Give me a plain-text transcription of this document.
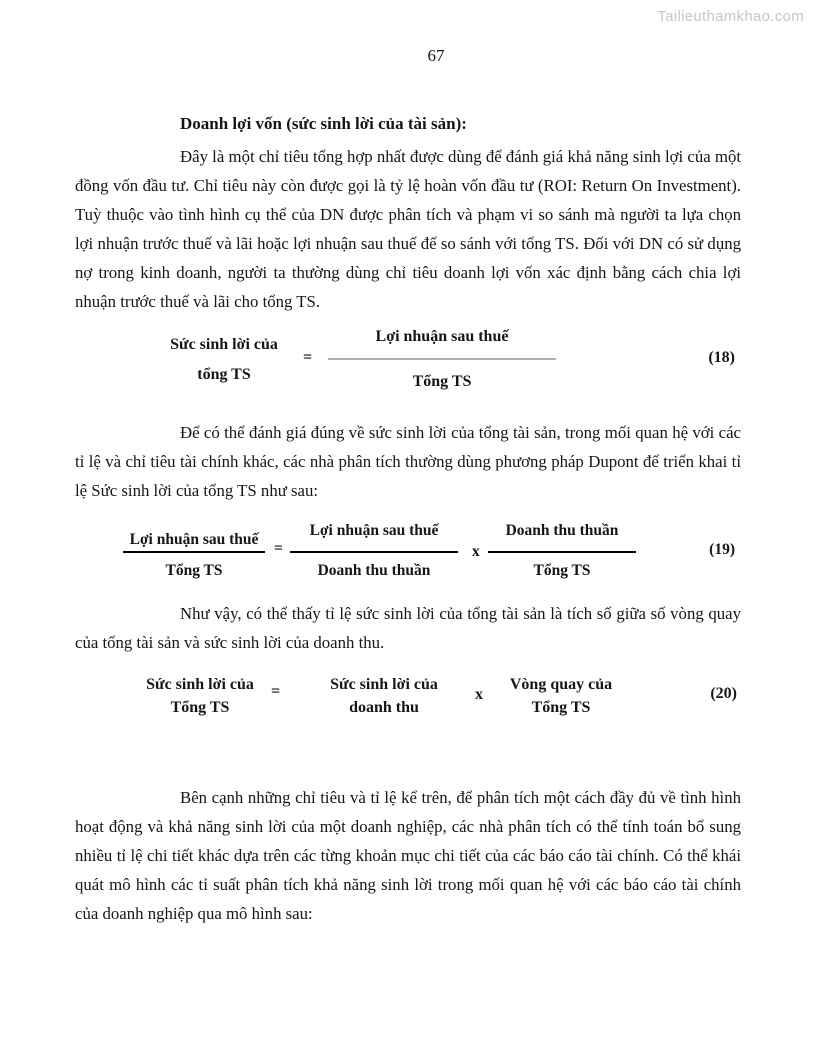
Tailieuthamkhao.com
67
Doanh lợi vốn (sức sinh lời của tài sản):

Đây là một chỉ tiêu tổng hợp nhất được dùng để đánh giá khả năng sinh lợi của một đồng vốn đầu tư. Chỉ tiêu này còn được gọi là tỷ lệ hoàn vốn đầu tư (ROI: Return On Investment). Tuỳ thuộc vào tình hình cụ thể của DN được phân tích và phạm vi so sánh mà người ta lựa chọn lợi nhuận trước thuế và lãi hoặc lợi nhuận sau thuế để so sánh với tổng TS. Đối với DN có sử dụng nợ trong kinh doanh, người ta thường dùng chỉ tiêu doanh lợi vốn xác định bằng cách chia lợi nhuận trước thuế và lãi cho tổng TS.

Sức sinh lời của
tổng TS
=
Lợi nhuận sau thuế
Tổng TS
(18)

Để có thể đánh giá đúng về sức sinh lời của tổng tài sản, trong mối quan hệ với các tỉ lệ và chỉ tiêu tài chính khác, các nhà phân tích thường dùng phương pháp Dupont để triển khai tỉ lệ Sức sinh lời của tổng TS như sau:

Lợi nhuận sau thuế
Tổng TS
=
Lợi nhuận sau thuế
Doanh thu thuần
x
Doanh thu thuần
Tổng TS
(19)

Như vậy, có thể thấy tỉ lệ sức sinh lời của tổng tài sản là tích số giữa số vòng quay của tổng tài sản và sức sinh lời của doanh thu.

Sức sinh lời của
Tổng TS
=	Sức sinh lời của
doanh thu
x
Vòng quay của
Tổng TS
(20)

Bên cạnh những chỉ tiêu và tỉ lệ kể trên, để phân tích một cách đầy đủ về tình hình hoạt động và khả năng sinh lời của một doanh nghiệp, các nhà phân tích có thể tính toán bổ sung nhiều tỉ lệ chi tiết khác dựa trên các từng khoản mục chi tiết của các báo cáo tài chính. Có thể khái quát mô hình các tỉ suất phân tích khả năng sinh lời trong mối quan hệ với các báo cáo tài chính của doanh nghiệp qua mô hình sau:
